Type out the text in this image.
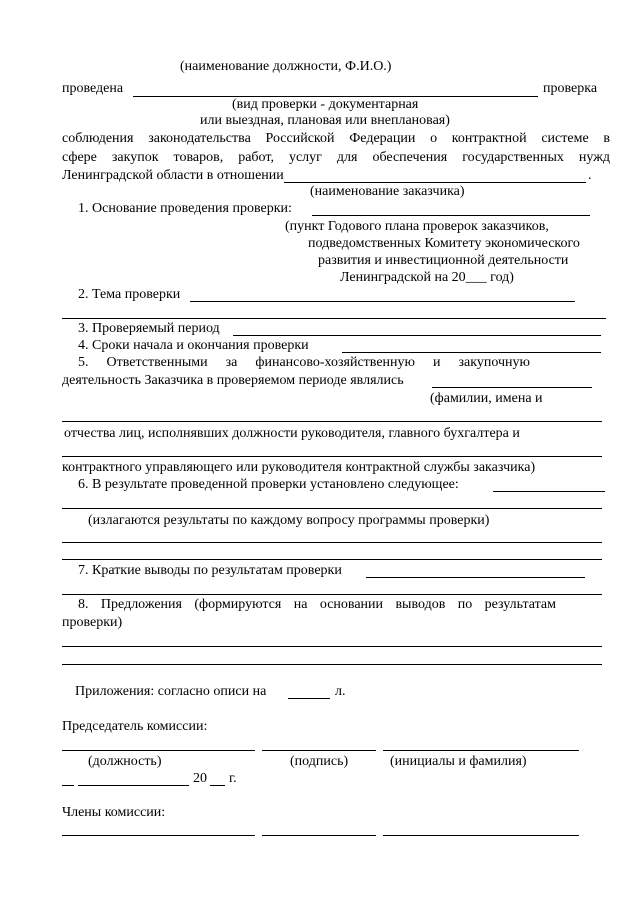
(наименование должности, Ф.И.О.)
проведена	проверка
(вид проверки - документарная
или выездная, плановая или внеплановая)
соблюдения законодательства Российской Федерации о контрактной системе в
сфере закупок товаров, работ, услуг для обеспечения государственных нужд
Ленинградской области в отношении	.
(наименование заказчика)
1. Основание проведения проверки:
(пункт Годового плана проверок заказчиков,
подведомственных Комитету экономического
развития и инвестиционной деятельности
Ленинградской на 20___ год)
2. Тема проверки
3. Проверяемый период
4. Сроки начала и окончания проверки
5. Ответственными за финансово-хозяйственную и закупочную
деятельность Заказчика в проверяемом периоде являлись
(фамилии, имена и
отчества лиц, исполнявших должности руководителя, главного бухгалтера и
контрактного управляющего или руководителя контрактной службы заказчика)
6. В результате проведенной проверки установлено следующее:
(излагаются результаты по каждому вопросу программы проверки)
7. Краткие выводы по результатам проверки
8. Предложения (формируются на основании выводов по результатам
проверки)
Приложения: согласно описи на	л.
Председатель комиссии:
(должность)	(подпись)	(инициалы и фамилия)
20 г.
Члены комиссии:
